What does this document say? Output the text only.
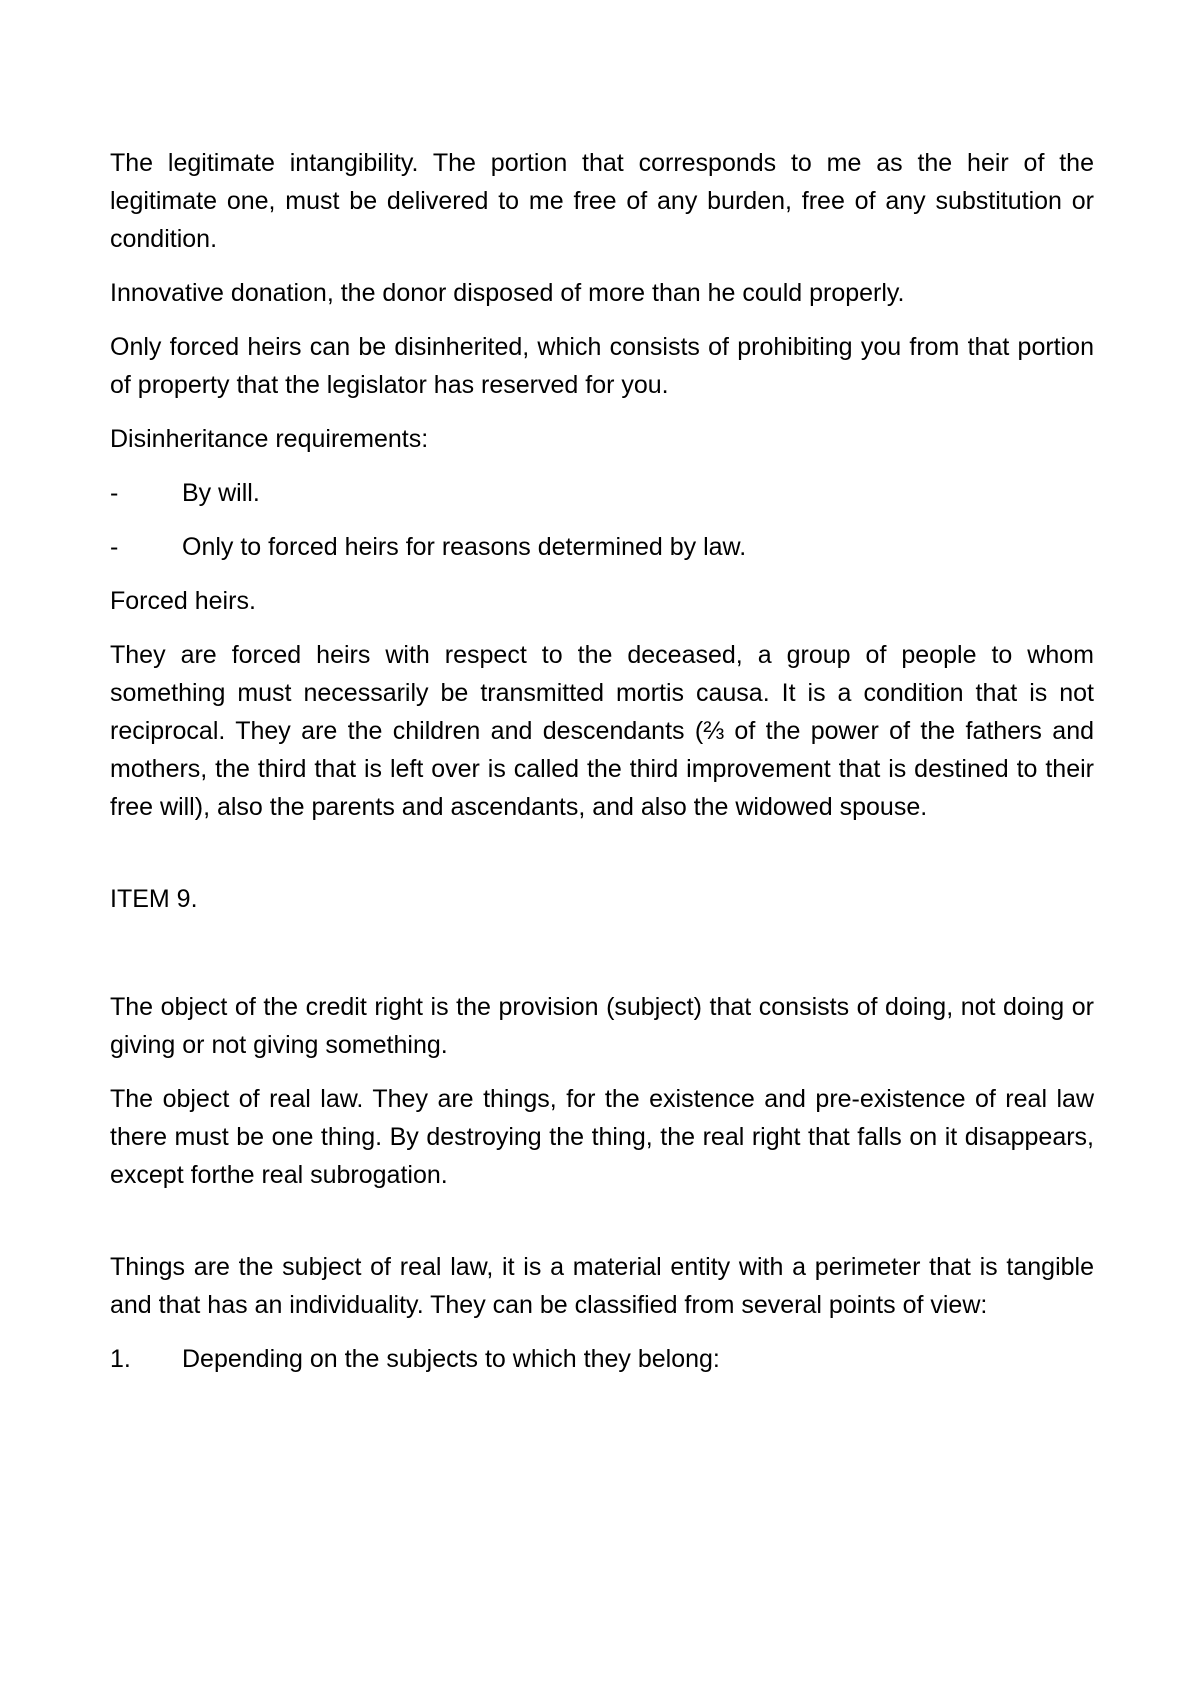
The legitimate intangibility. The portion that corresponds to me as the heir of the legitimate one, must be delivered to me free of any burden, free of any substitution or condition.

Innovative donation, the donor disposed of more than he could properly.

Only forced heirs can be disinherited, which consists of prohibiting you from that portion of property that the legislator has reserved for you.

Disinheritance requirements:

-	By will.
-	Only to forced heirs for reasons determined by law.

Forced heirs.

They are forced heirs with respect to the deceased, a group of people to whom something must necessarily be transmitted mortis causa. It is a condition that is not reciprocal. They are the children and descendants (⅔ of the power of the fathers and mothers, the third that is left over is called the third improvement that is destined to their free will), also the parents and ascendants, and also the widowed spouse.

ITEM 9.

The object of the credit right is the provision (subject) that consists of doing, not doing or giving or not giving something.

The object of real law. They are things, for the existence and pre-existence of real law there must be one thing. By destroying the thing, the real right that falls on it disappears, except forthe real subrogation.

Things are the subject of real law, it is a material entity with a perimeter that is tangible and that has an individuality. They can be classified from several points of view:

1.	Depending on the subjects to which they belong:
